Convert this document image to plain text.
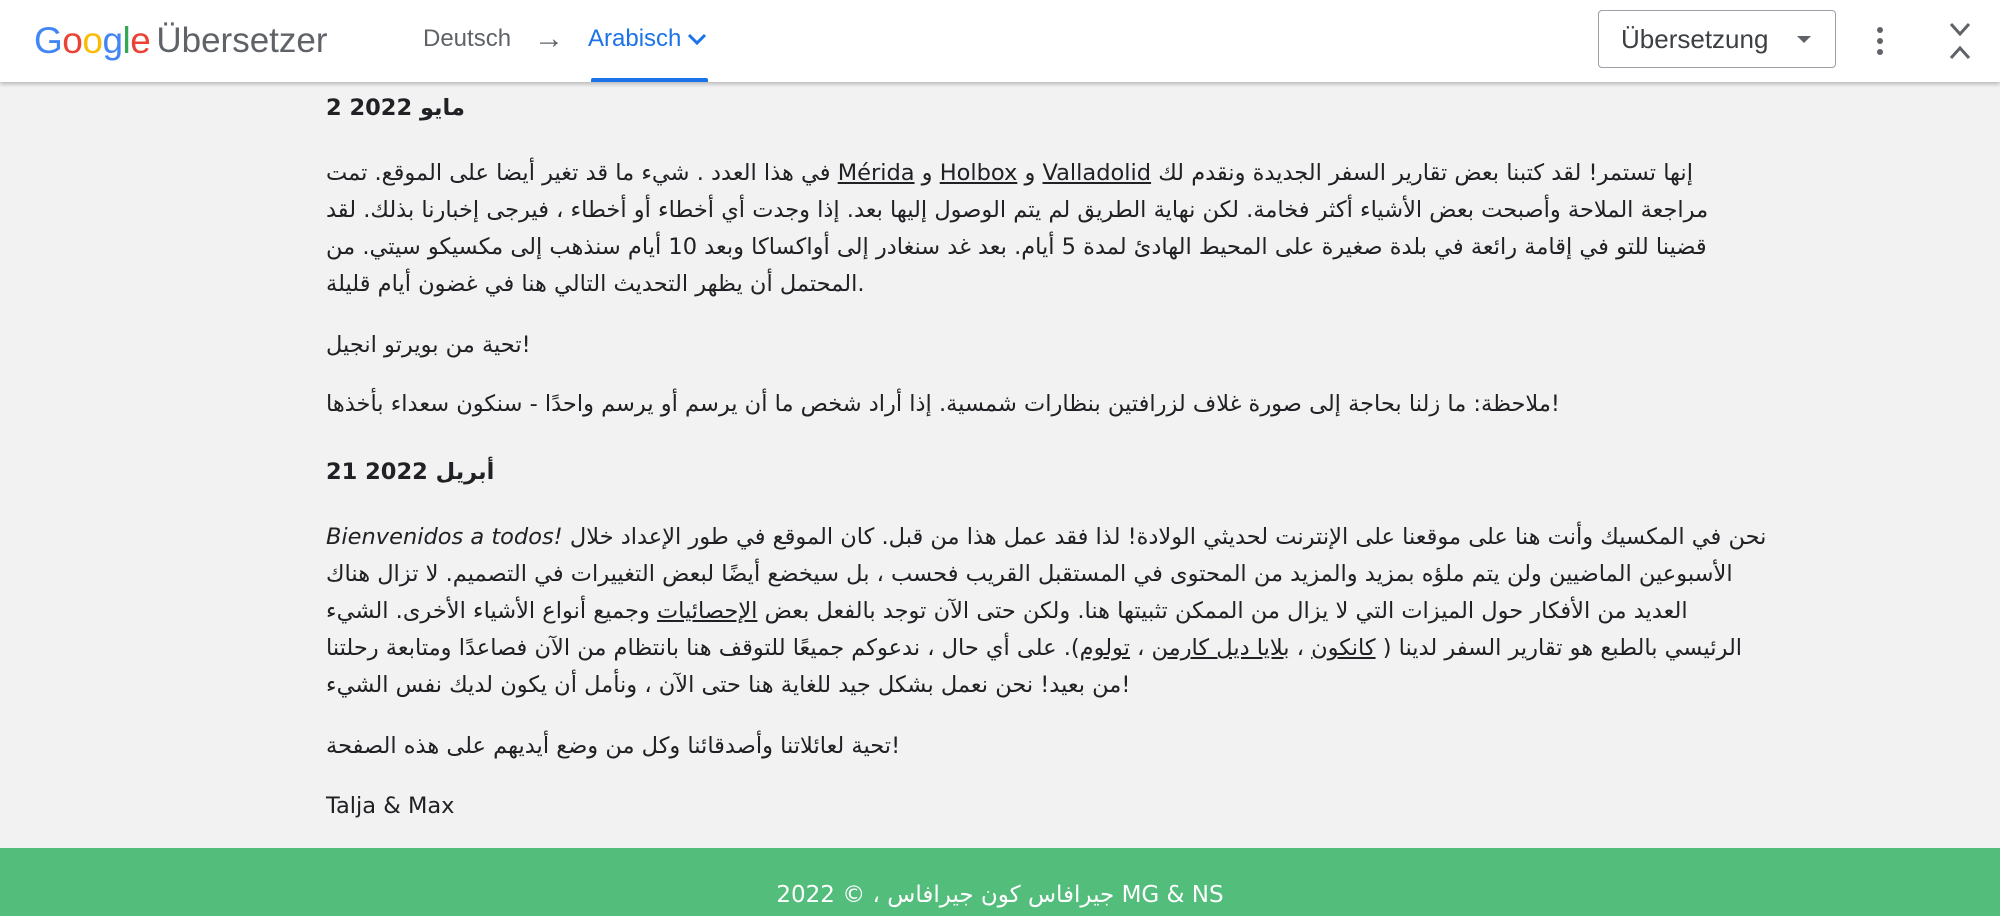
Google Übersetzer	Deutsch → Arabisch	Übersetzung
2 2022 مايو

في هذا العدد . شيء ما قد تغير أيضا على الموقع. تمت Mérida و Holbox و Valladolid إنها تستمر! لقد كتبنا بعض تقارير السفر الجديدة ونقدم لك
مراجعة الملاحة وأصبحت بعض الأشياء أكثر فخامة. لكن نهاية الطريق لم يتم الوصول إليها بعد. إذا وجدت أي أخطاء أو أخطاء ، فيرجى إخبارنا بذلك. لقد
قضينا للتو في إقامة رائعة في بلدة صغيرة على المحيط الهادئ لمدة 5 أيام. بعد غد سنغادر إلى أواكساكا وبعد 10 أيام سنذهب إلى مكسيكو سيتي. من
المحتمل أن يظهر التحديث التالي هنا في غضون أيام قليلة.

تحية من بويرتو انجيل!

ملاحظة: ما زلنا بحاجة إلى صورة غلاف لزرافتين بنظارات شمسية. إذا أراد شخص ما أن يرسم أو يرسم واحدًا - سنكون سعداء بأخذها!

21 2022 أبريل

Bienvenidos a todos! نحن في المكسيك وأنت هنا على موقعنا على الإنترنت لحديثي الولادة! لذا فقد عمل هذا من قبل. كان الموقع في طور الإعداد خلال
الأسبوعين الماضيين ولن يتم ملؤه بمزيد والمزيد من المحتوى في المستقبل القريب فحسب ، بل سيخضع أيضًا لبعض التغييرات في التصميم. لا تزال هناك
العديد من الأفكار حول الميزات التي لا يزال من الممكن تثبيتها هنا. ولكن حتى الآن توجد بالفعل بعض الإحصائيات وجميع أنواع الأشياء الأخرى. الشيء
الرئيسي بالطبع هو تقارير السفر لدينا ( كانكون ، بلايا ديل كارمن ، تولوم). على أي حال ، ندعوكم جميعًا للتوقف هنا بانتظام من الآن فصاعدًا ومتابعة رحلتنا
من بعيد! نحن نعمل بشكل جيد للغاية هنا حتى الآن ، ونأمل أن يكون لديك نفس الشيء!

تحية لعائلاتنا وأصدقائنا وكل من وضع أيديهم على هذه الصفحة!

Talja & Max

2022 © ، جيرافاس كون جيرافاس MG & NS
